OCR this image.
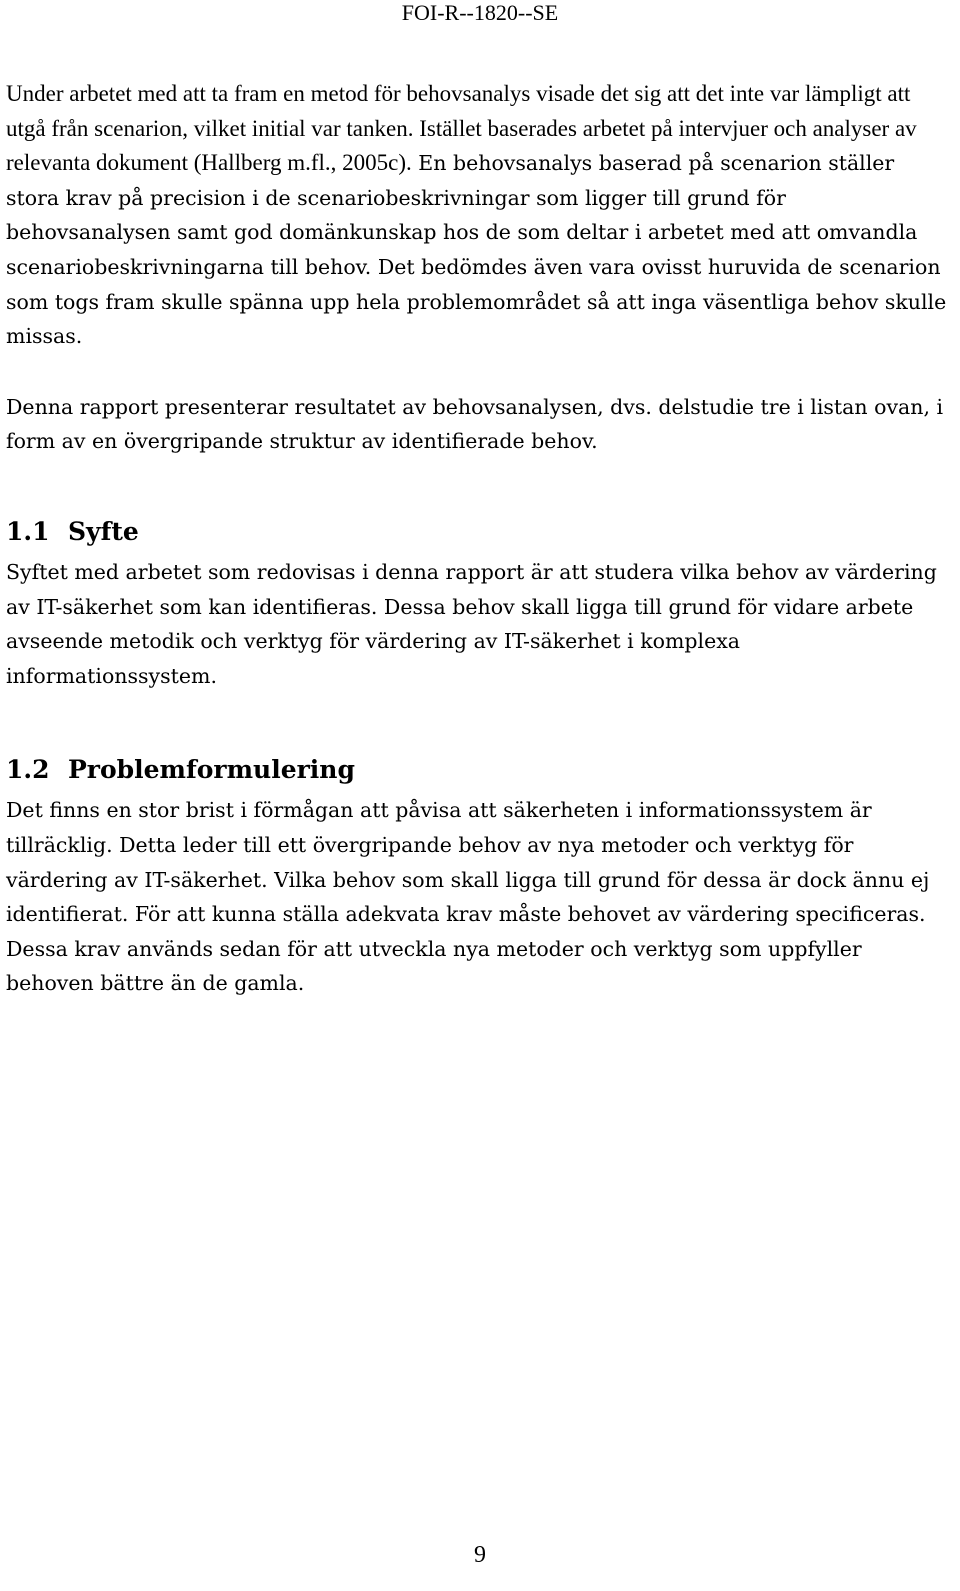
FOI-R--1820--SE

Under arbetet med att ta fram en metod för behovsanalys visade det sig att det inte var lämpligt att utgå från scenarion, vilket initial var tanken. Istället baserades arbetet på intervjuer och analyser av relevanta dokument (Hallberg m.fl., 2005c). En behovsanalys baserad på scenarion ställer stora krav på precision i de scenariobeskrivningar som ligger till grund för behovsanalysen samt god domänkunskap hos de som deltar i arbetet med att omvandla scenariobeskrivningarna till behov. Det bedömdes även vara ovisst huruvida de scenarion som togs fram skulle spänna upp hela problemområdet så att inga väsentliga behov skulle missas.

Denna rapport presenterar resultatet av behovsanalysen, dvs. delstudie tre i listan ovan, i form av en övergripande struktur av identifierade behov.

1.1 Syfte

Syftet med arbetet som redovisas i denna rapport är att studera vilka behov av värdering av IT-säkerhet som kan identifieras. Dessa behov skall ligga till grund för vidare arbete avseende metodik och verktyg för värdering av IT-säkerhet i komplexa informationssystem.

1.2 Problemformulering

Det finns en stor brist i förmågan att påvisa att säkerheten i informationssystem är tillräcklig. Detta leder till ett övergripande behov av nya metoder och verktyg för värdering av IT-säkerhet. Vilka behov som skall ligga till grund för dessa är dock ännu ej identifierat. För att kunna ställa adekvata krav måste behovet av värdering specificeras. Dessa krav används sedan för att utveckla nya metoder och verktyg som uppfyller behoven bättre än de gamla.

9
